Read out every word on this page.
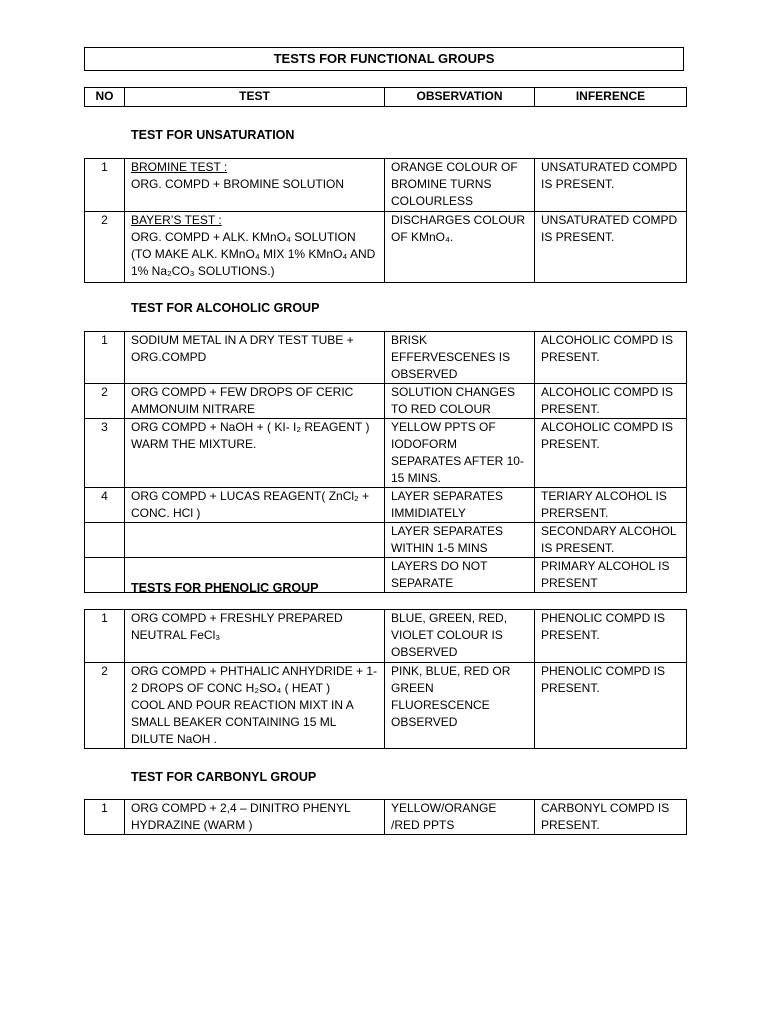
TESTS FOR FUNCTIONAL GROUPS
NO	TEST	OBSERVATION	INFERENCE
TEST FOR UNSATURATION
1	BROMINE TEST :
ORG. COMPD + BROMINE SOLUTION	ORANGE COLOUR OF BROMINE TURNS COLOURLESS	UNSATURATED COMPD IS PRESENT.
2	BAYER’S TEST :
ORG. COMPD + ALK. KMnO₄ SOLUTION
(TO MAKE ALK. KMnO₄ MIX 1% KMnO₄ AND 1% Na₂CO₃ SOLUTIONS.)	DISCHARGES COLOUR OF KMnO₄.	UNSATURATED COMPD IS PRESENT.
TEST FOR ALCOHOLIC GROUP
1	SODIUM METAL IN A DRY TEST TUBE + ORG.COMPD	BRISK EFFERVESCENES IS OBSERVED	ALCOHOLIC COMPD IS PRESENT.
2	ORG COMPD + FEW DROPS OF CERIC AMMONUIM NITRARE	SOLUTION CHANGES TO RED COLOUR	ALCOHOLIC COMPD IS PRESENT.
3	ORG COMPD + NaOH + ( KI- I₂ REAGENT ) WARM THE MIXTURE.	YELLOW PPTS OF IODOFORM SEPARATES AFTER 10-15 MINS.	ALCOHOLIC COMPD IS PRESENT.
4	ORG COMPD + LUCAS REAGENT( ZnCl₂ + CONC. HCl )	LAYER SEPARATES IMMIDIATELY	TERIARY ALCOHOL IS PRERSENT.
		LAYER SEPARATES WITHIN 1-5 MINS	SECONDARY ALCOHOL IS PRESENT.
		LAYERS DO NOT SEPARATE	PRIMARY ALCOHOL IS PRESENT
TESTS FOR PHENOLIC GROUP
1	ORG COMPD + FRESHLY PREPARED NEUTRAL FeCl₃	BLUE, GREEN, RED, VIOLET COLOUR IS OBSERVED	PHENOLIC COMPD IS PRESENT.
2	ORG COMPD + PHTHALIC ANHYDRIDE + 1-2 DROPS OF CONC H₂SO₄ ( HEAT )
COOL AND POUR REACTION MIXT IN A SMALL BEAKER CONTAINING 15 ML DILUTE NaOH .	PINK, BLUE, RED OR GREEN FLUORESCENCE OBSERVED	PHENOLIC COMPD IS PRESENT.
TEST FOR CARBONYL GROUP
1	ORG COMPD + 2,4 – DINITRO PHENYL HYDRAZINE (WARM )	YELLOW/ORANGE /RED PPTS	CARBONYL COMPD IS PRESENT.
